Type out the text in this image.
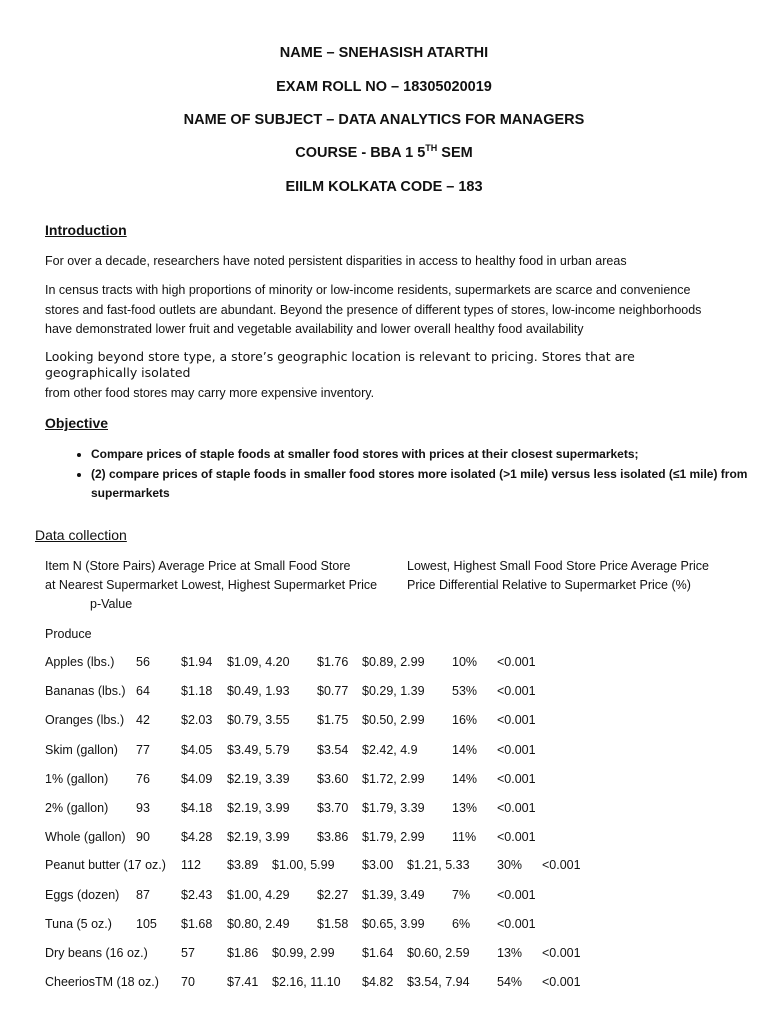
NAME – SNEHASISH ATARTHI
EXAM ROLL NO – 18305020019
NAME OF SUBJECT – DATA ANALYTICS FOR MANAGERS
COURSE - BBA 1 5TH SEM
EIILM KOLKATA CODE – 183
Introduction
For over a decade, researchers have noted persistent disparities in access to healthy food in urban areas
In census tracts with high proportions of minority or low-income residents, supermarkets are scarce and convenience stores and fast-food outlets are abundant. Beyond the presence of different types of stores, low-income neighborhoods have demonstrated lower fruit and vegetable availability and lower overall healthy food availability
Looking beyond store type, a store’s geographic location is relevant to pricing. Stores that are geographically isolated
from other food stores may carry more expensive inventory.
Objective
• Compare prices of staple foods at smaller food stores with prices at their closest supermarkets;
• (2) compare prices of staple foods in smaller food stores more isolated (>1 mile) versus less isolated (≤1 mile) from supermarkets
Data collection
Item N (Store Pairs) Average Price at Small Food Store
at Nearest Supermarket Lowest, Highest Supermarket Price
p-Value
Lowest, Highest Small Food Store Price Average Price
Price Differential Relative to Supermarket Price (%)
Produce
Apples (lbs.) 56 $1.94 $1.09, 4.20 $1.76 $0.89, 2.99 10% <0.001
Bananas (lbs.) 64 $1.18 $0.49, 1.93 $0.77 $0.29, 1.39 53% <0.001
Oranges (lbs.) 42 $2.03 $0.79, 3.55 $1.75 $0.50, 2.99 16% <0.001
Skim (gallon) 77 $4.05 $3.49, 5.79 $3.54 $2.42, 4.9	14% <0.001
1% (gallon) 76 $4.09 $2.19, 3.39 $3.60 $1.72, 2.99 14% <0.001
2% (gallon) 93 $4.18 $2.19, 3.99 $3.70 $1.79, 3.39 13% <0.001
Whole (gallon) 90 $4.28 $2.19, 3.99 $3.86 $1.79, 2.99 11% <0.001
Peanut butter (17 oz.) 112 $3.89 $1.00, 5.99 $3.00 $1.21, 5.33 30% <0.001
Eggs (dozen) 87 $2.43 $1.00, 4.29 $2.27 $1.39, 3.49 7% <0.001
Tuna (5 oz.) 105 $1.68 $0.80, 2.49 $1.58 $0.65, 3.99 6% <0.001
Dry beans (16 oz.)	57	$1.86 $0.99, 2.99 $1.64 $0.60, 2.59 13% <0.001
CheeriosTM (18 oz.) 70	$7.41 $2.16, 11.10 $4.82 $3.54, 7.94 54% <0.001
